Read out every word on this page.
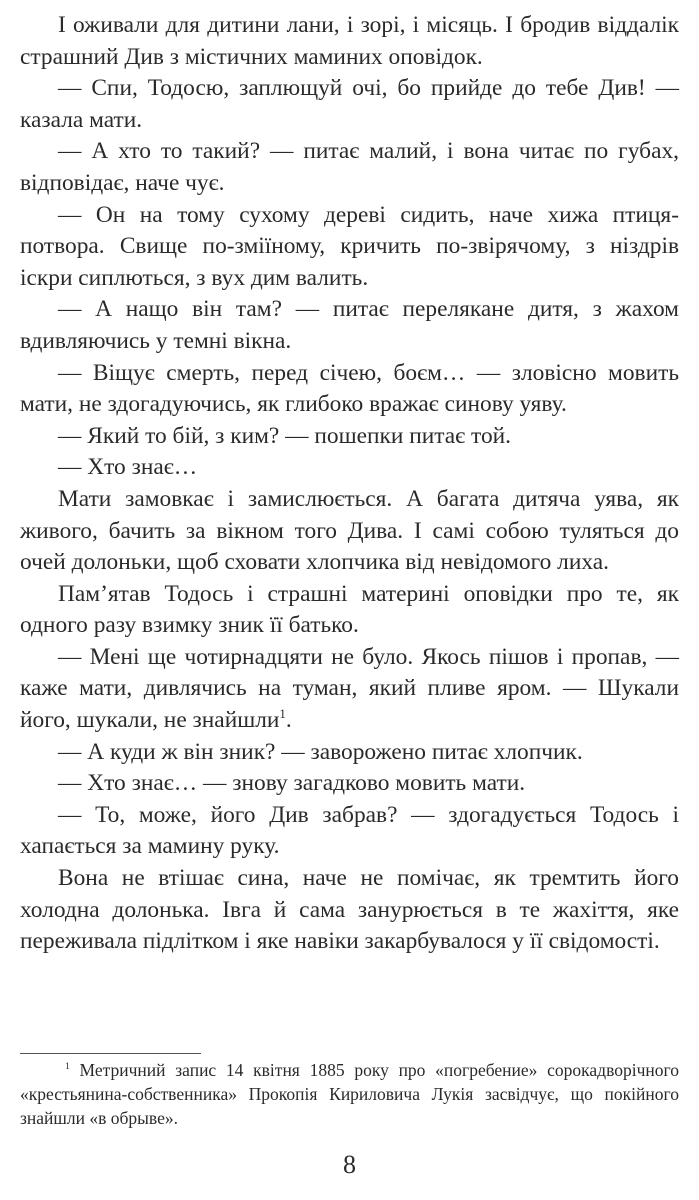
І оживали для дитини лани, і зорі, і місяць. І бродив віддалік страшний Див з містичних маминих оповідок.

— Спи, Тодосю, заплющуй очі, бо прийде до тебе Див! — казала мати.

— А хто то такий? — питає малий, і вона читає по губах, відповідає, наче чує.

— Он на тому сухому дереві сидить, наче хижа птиця-потвора. Свище по-зміїному, кричить по-звірячому, з ніздрів іскри сиплються, з вух дим валить.

— А нащо він там? — питає перелякане дитя, з жахом вдивляючись у темні вікна.

— Віщує смерть, перед січею, боєм… — зловісно мовить мати, не здогадуючись, як глибоко вражає синову уяву.

— Який то бій, з ким? — пошепки питає той.

— Хто знає…

Мати замовкає і замислюється. А багата дитяча уява, як живого, бачить за вікном того Дива. І самі собою туляться до очей долоньки, щоб сховати хлопчика від невідомого лиха.

Пам’ятав Тодось і страшні материні оповідки про те, як одного разу взимку зник її батько.

— Мені ще чотирнадцяти не було. Якось пішов і пропав, — каже мати, дивлячись на туман, який пливе яром. — Шукали його, шукали, не знайшли$^1$.

— А куди ж він зник? — заворожено питає хлопчик.

— Хто знає… — знову загадково мовить мати.

— То, може, його Див забрав? — здогадується Тодось і хапається за мамину руку.

Вона не втішає сина, наче не помічає, як тремтить його холодна долонька. Івга й сама занурюється в те жахіття, яке переживала підлітком і яке навіки закарбувалося у її свідомості.

$^1$ Метричний запис 14 квітня 1885 року про «погребение» сорокадворічного «крестьянина-собственника» Прокопія Кириловича Лукія засвідчує, що покійного знайшли «в обрыве».

8
